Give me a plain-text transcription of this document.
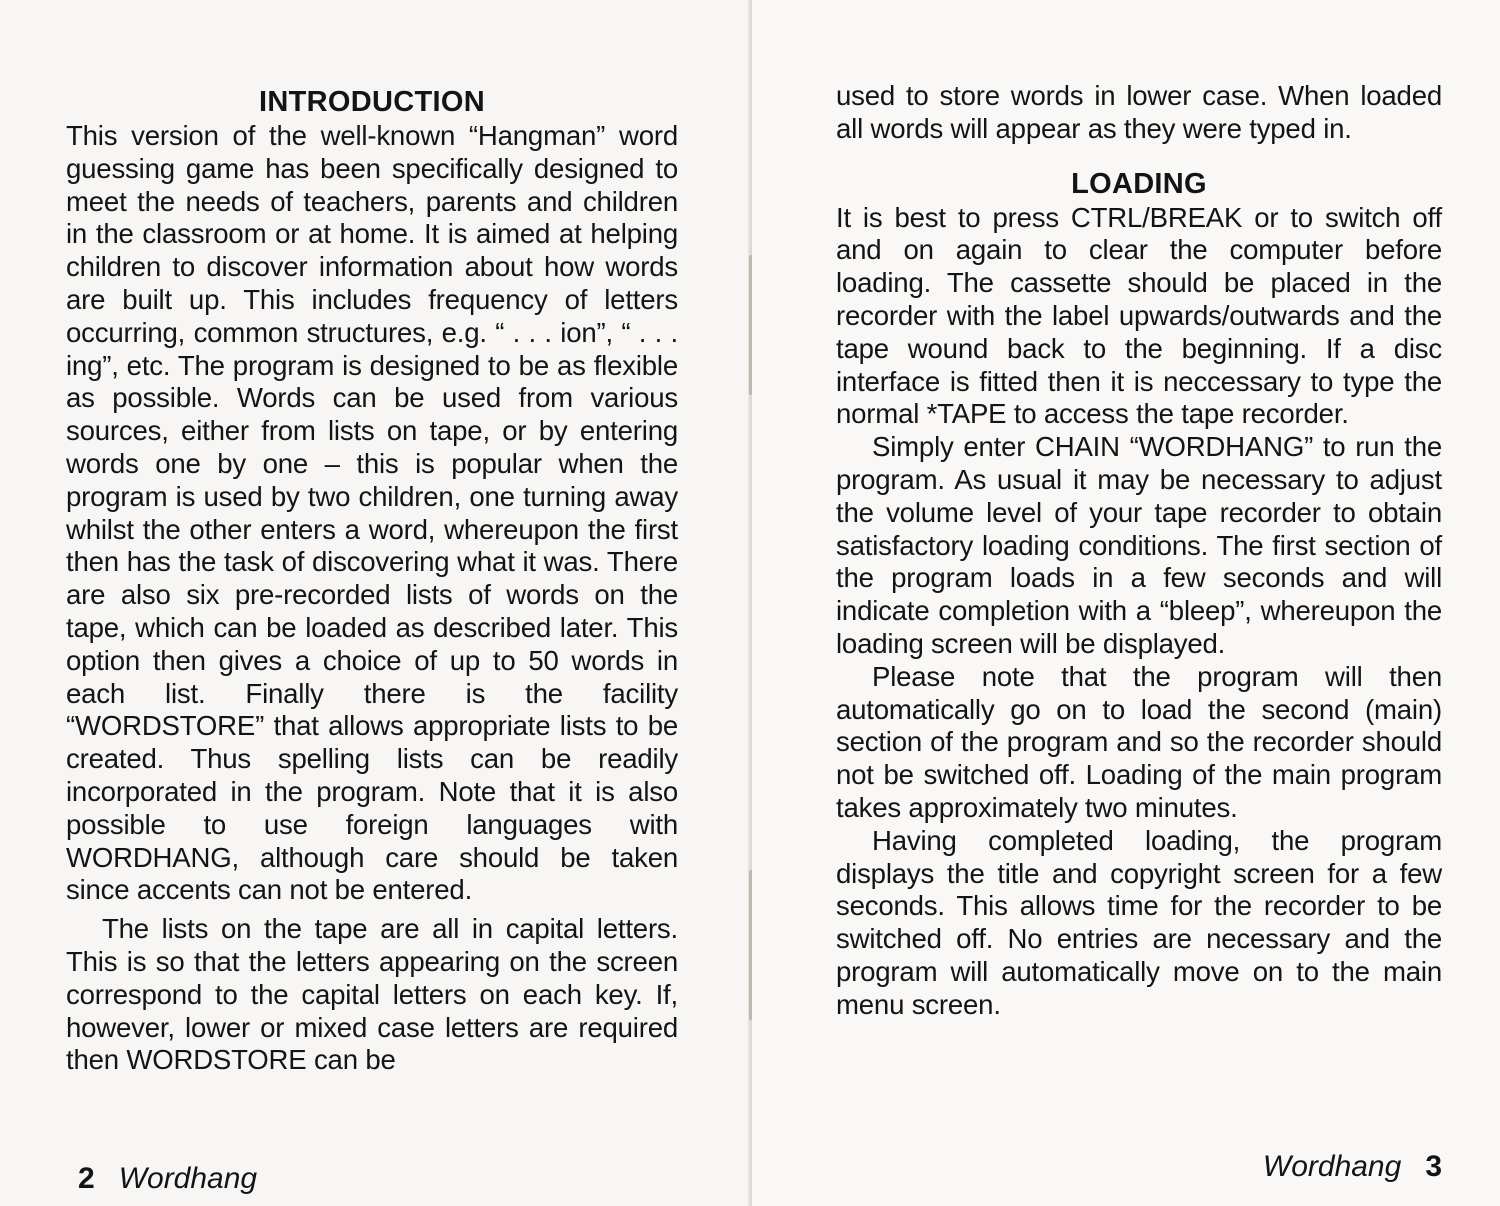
INTRODUCTION

This version of the well-known “Hangman” word guessing game has been specifically designed to meet the needs of teachers, parents and children in the classroom or at home. It is aimed at helping children to discover information about how words are built up. This includes frequency of letters occurring, common structures, e.g. “ . . . ion”, “ . . . ing”, etc. The program is designed to be as flexible as possible. Words can be used from various sources, either from lists on tape, or by entering words one by one – this is popular when the program is used by two children, one turning away whilst the other enters a word, whereupon the first then has the task of discovering what it was. There are also six pre-recorded lists of words on the tape, which can be loaded as described later. This option then gives a choice of up to 50 words in each list. Finally there is the facility “WORDSTORE” that allows appropriate lists to be created. Thus spelling lists can be readily incorporated in the program. Note that it is also possible to use foreign languages with WORDHANG, although care should be taken since accents can not be entered.

The lists on the tape are all in capital letters. This is so that the letters appearing on the screen correspond to the capital letters on each key. If, however, lower or mixed case letters are required then WORDSTORE can be

2 Wordhang

used to store words in lower case. When loaded all words will appear as they were typed in.

LOADING

It is best to press CTRL/BREAK or to switch off and on again to clear the computer before loading. The cassette should be placed in the recorder with the label upwards/outwards and the tape wound back to the beginning. If a disc interface is fitted then it is neccessary to type the normal *TAPE to access the tape recorder.

Simply enter CHAIN “WORDHANG” to run the program. As usual it may be necessary to adjust the volume level of your tape recorder to obtain satisfactory loading conditions. The first section of the program loads in a few seconds and will indicate completion with a “bleep”, whereupon the loading screen will be displayed.

Please note that the program will then automatically go on to load the second (main) section of the program and so the recorder should not be switched off. Loading of the main program takes approximately two minutes.

Having completed loading, the program displays the title and copyright screen for a few seconds. This allows time for the recorder to be switched off. No entries are necessary and the program will automatically move on to the main menu screen.

Wordhang 3
